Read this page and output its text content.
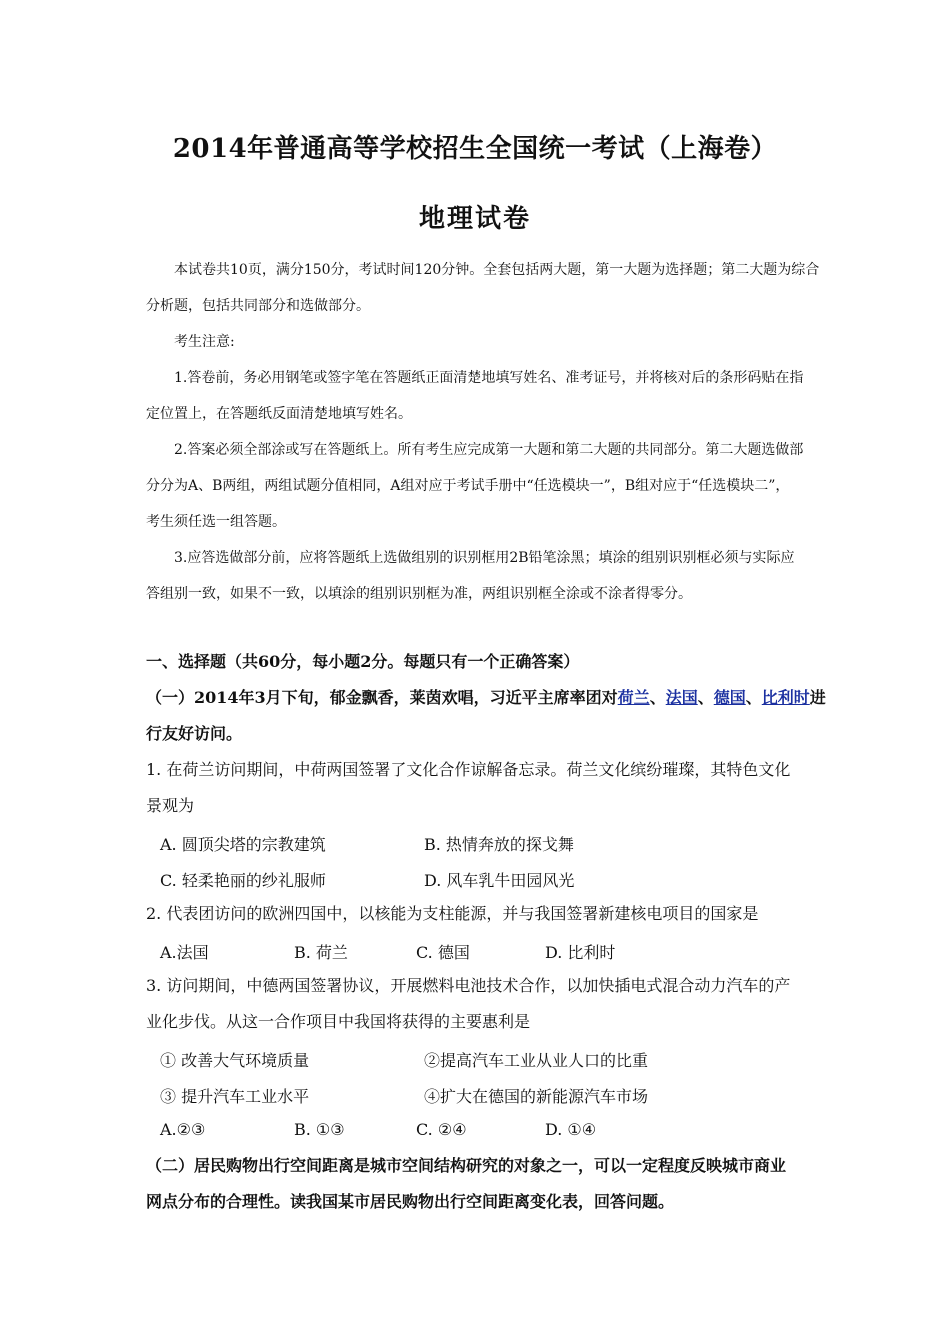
2014年普通高等学校招生全国统一考试（上海卷）
地理试卷
本试卷共10页，满分150分，考试时间120分钟。全套包括两大题，第一大题为选择题；第二大题为综合
分析题，包括共同部分和选做部分。
考生注意:
1.答卷前，务必用钢笔或签字笔在答题纸正面清楚地填写姓名、准考证号，并将核对后的条形码贴在指
定位置上，在答题纸反面清楚地填写姓名。
2.答案必须全部涂或写在答题纸上。所有考生应完成第一大题和第二大题的共同部分。第二大题选做部
分分为A、B两组，两组试题分值相同，A组对应于考试手册中“任选模块一”，B组对应于“任选模块二”，
考生须任选一组答题。
3.应答选做部分前，应将答题纸上选做组别的识别框用2B铅笔涂黑；填涂的组别识别框必须与实际应
答组别一致，如果不一致，以填涂的组别识别框为准，两组识别框全涂或不涂者得零分。
一、选择题（共60分，每小题2分。每题只有一个正确答案）
（一）2014年3月下旬，郁金飘香，莱茵欢唱，习近平主席率团对荷兰、法国、德国、比利时进
行友好访问。
1. 在荷兰访问期间，中荷两国签署了文化合作谅解备忘录。荷兰文化缤纷璀璨，其特色文化
景观为
A. 圆顶尖塔的宗教建筑	B. 热情奔放的探戈舞
C. 轻柔艳丽的纱礼服师	D. 风车乳牛田园风光
2. 代表团访问的欧洲四国中，以核能为支柱能源，并与我国签署新建核电项目的国家是
A.法国	B. 荷兰	C. 德国	D. 比利时
3. 访问期间，中德两国签署协议，开展燃料电池技术合作，以加快插电式混合动力汽车的产
业化步伐。从这一合作项目中我国将获得的主要惠利是
① 改善大气环境质量	②提高汽车工业从业人口的比重
③ 提升汽车工业水平	④扩大在德国的新能源汽车市场
A.②③	B. ①③	C. ②④	D. ①④
（二）居民购物出行空间距离是城市空间结构研究的对象之一，可以一定程度反映城市商业
网点分布的合理性。读我国某市居民购物出行空间距离变化表，回答问题。
